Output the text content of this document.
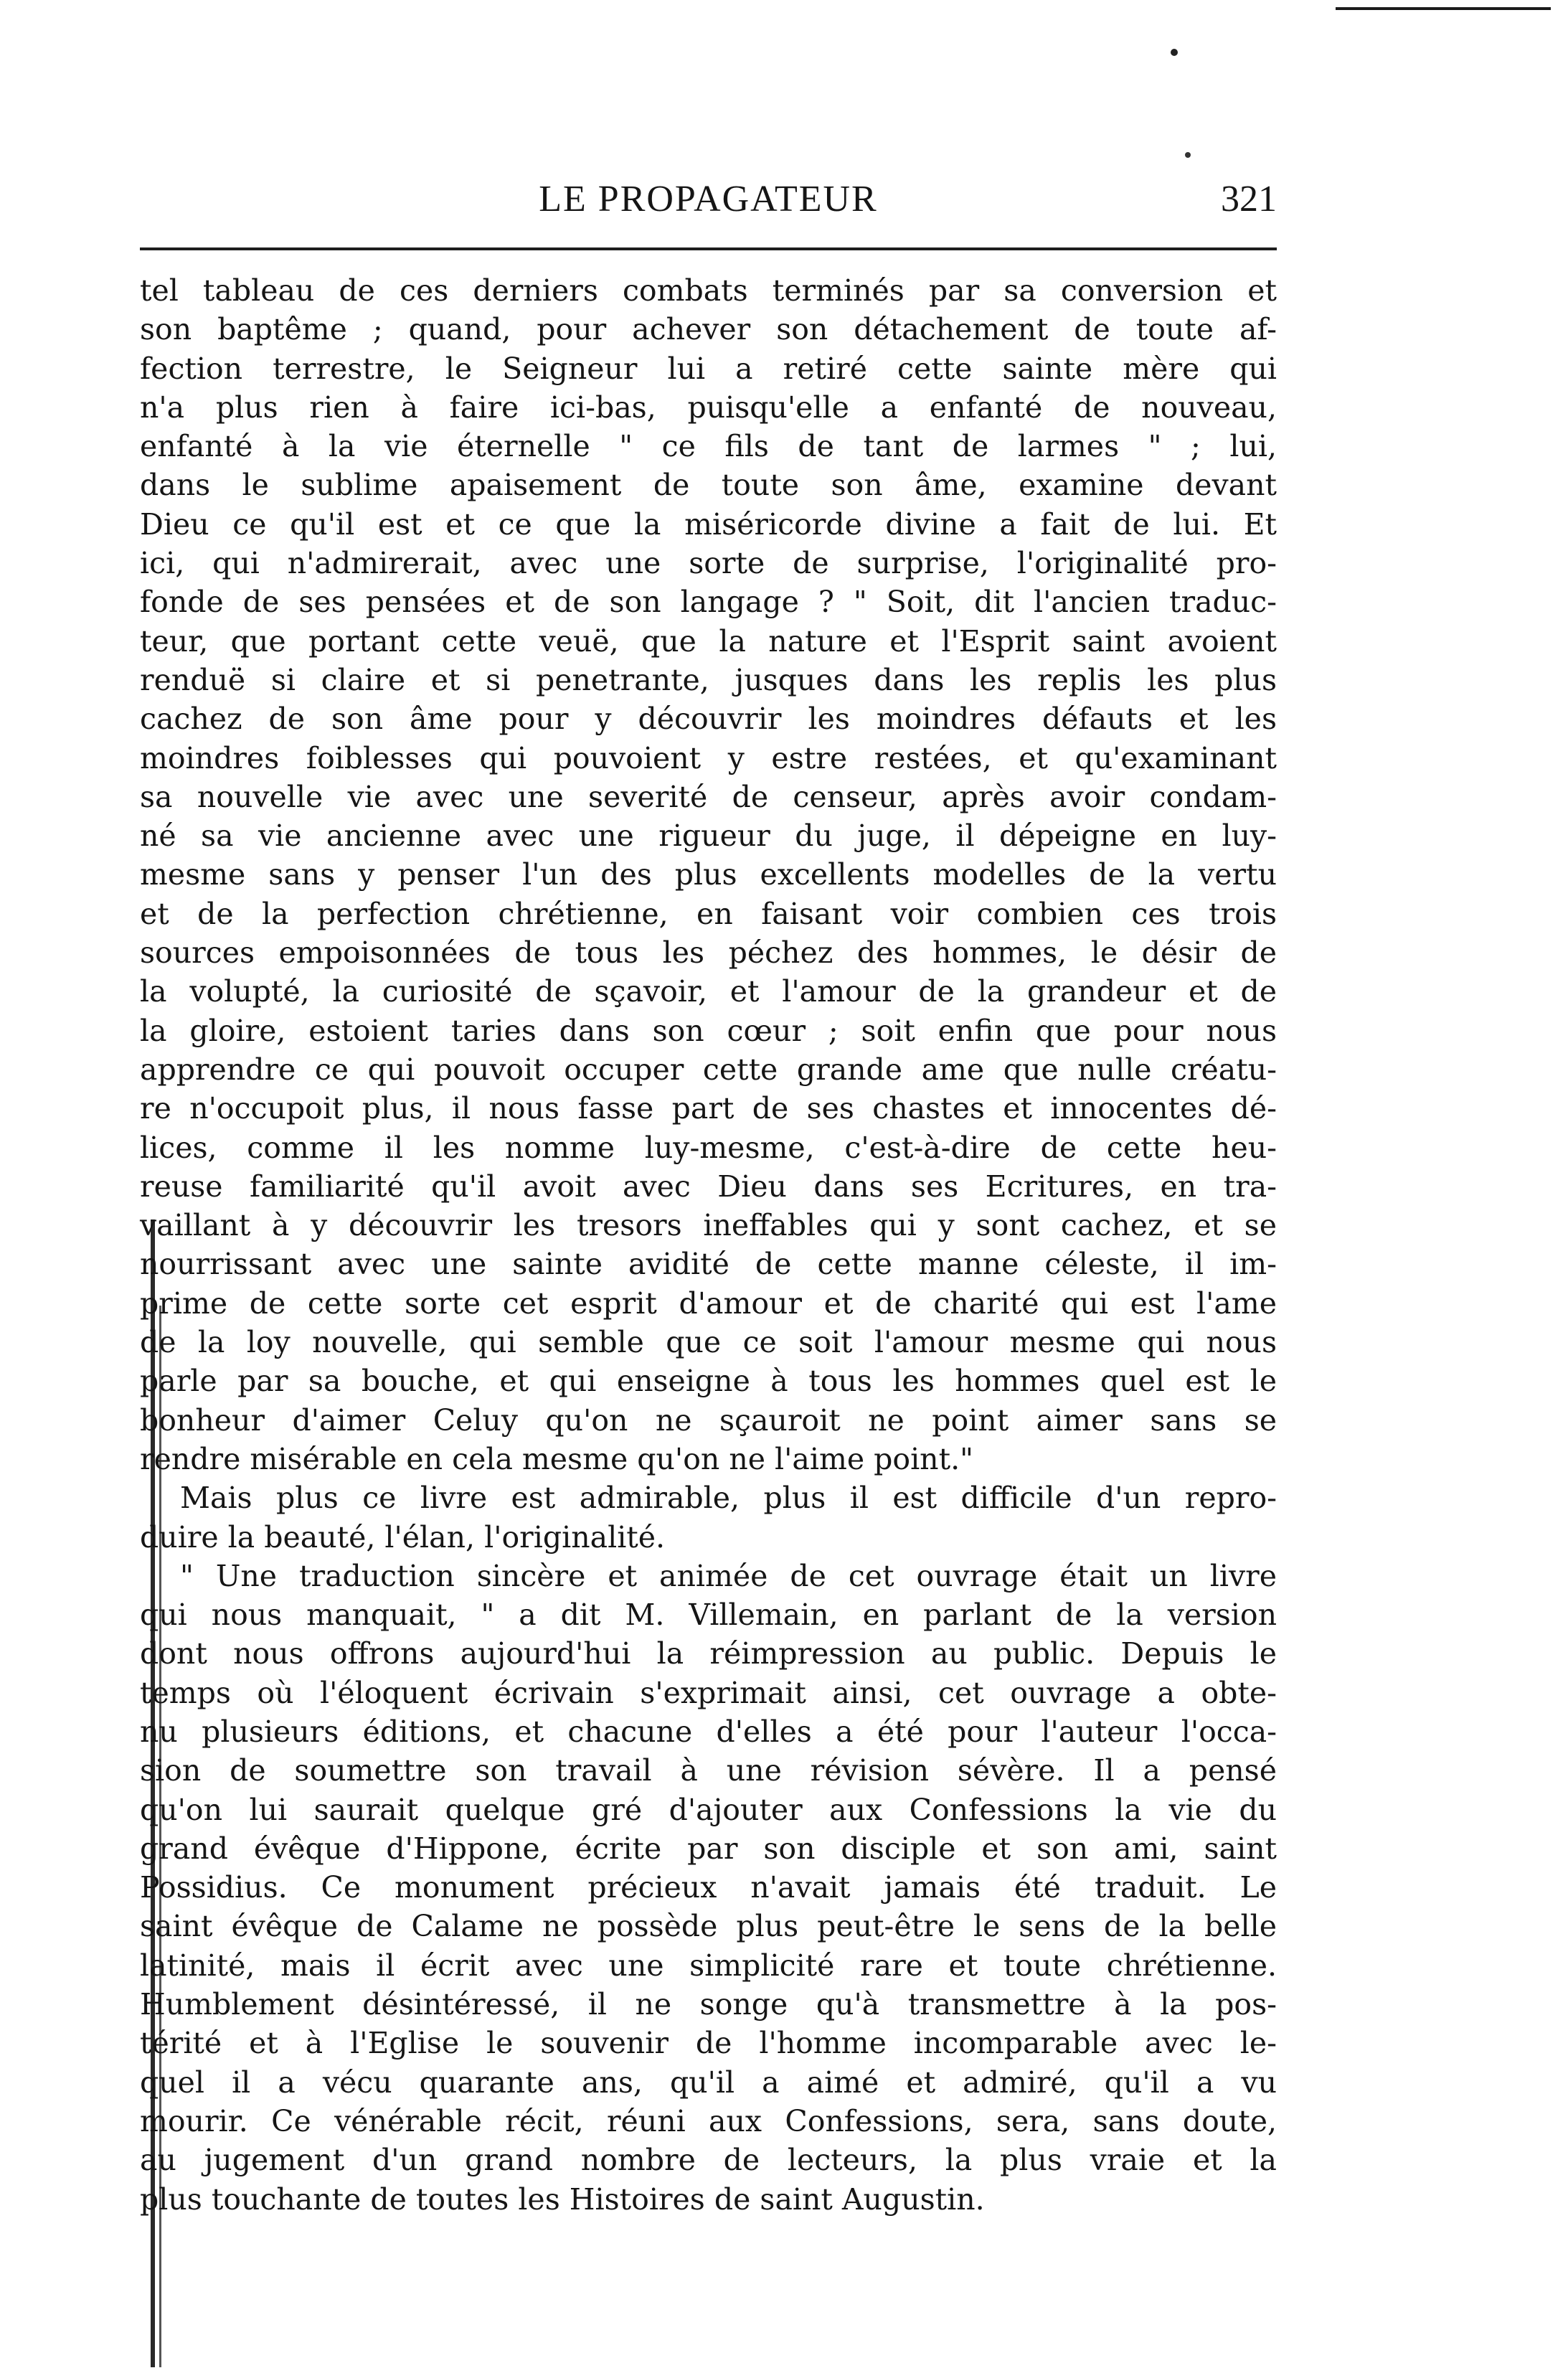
LE PROPAGATEUR	321
tel tableau de ces derniers combats terminés par sa conversion et
son baptême ; quand, pour achever son détachement de toute af-
fection terrestre, le Seigneur lui a retiré cette sainte mère qui
n'a plus rien à faire ici-bas, puisqu'elle a enfanté de nouveau,
enfanté à la vie éternelle " ce fils de tant de larmes " ; lui,
dans le sublime apaisement de toute son âme, examine devant
Dieu ce qu'il est et ce que la miséricorde divine a fait de lui. Et
ici, qui n'admirerait, avec une sorte de surprise, l'originalité pro-
fonde de ses pensées et de son langage ? " Soit, dit l'ancien traduc-
teur, que portant cette veuë, que la nature et l'Esprit saint avoient
renduë si claire et si penetrante, jusques dans les replis les plus
cachez de son âme pour y découvrir les moindres défauts et les
moindres foiblesses qui pouvoient y estre restées, et qu'examinant
sa nouvelle vie avec une severité de censeur, après avoir condam-
né sa vie ancienne avec une rigueur du juge, il dépeigne en luy-
mesme sans y penser l'un des plus excellents modelles de la vertu
et de la perfection chrétienne, en faisant voir combien ces trois
sources empoisonnées de tous les péchez des hommes, le désir de
la volupté, la curiosité de sçavoir, et l'amour de la grandeur et de
la gloire, estoient taries dans son cœur ; soit enfin que pour nous
apprendre ce qui pouvoit occuper cette grande ame que nulle créatu-
re n'occupoit plus, il nous fasse part de ses chastes et innocentes dé-
lices, comme il les nomme luy-mesme, c'est-à-dire de cette heu-
reuse familiarité qu'il avoit avec Dieu dans ses Ecritures, en tra-
vaillant à y découvrir les tresors ineffables qui y sont cachez, et se
nourrissant avec une sainte avidité de cette manne céleste, il im-
prime de cette sorte cet esprit d'amour et de charité qui est l'ame
de la loy nouvelle, qui semble que ce soit l'amour mesme qui nous
parle par sa bouche, et qui enseigne à tous les hommes quel est le
bonheur d'aimer Celuy qu'on ne sçauroit ne point aimer sans se
rendre misérable en cela mesme qu'on ne l'aime point."
Mais plus ce livre est admirable, plus il est difficile d'un repro-
duire la beauté, l'élan, l'originalité.
" Une traduction sincère et animée de cet ouvrage était un livre
qui nous manquait, " a dit M. Villemain, en parlant de la version
dont nous offrons aujourd'hui la réimpression au public. Depuis le
temps où l'éloquent écrivain s'exprimait ainsi, cet ouvrage a obte-
nu plusieurs éditions, et chacune d'elles a été pour l'auteur l'occa-
sion de soumettre son travail à une révision sévère. Il a pensé
qu'on lui saurait quelque gré d'ajouter aux Confessions la vie du
grand évêque d'Hippone, écrite par son disciple et son ami, saint
Possidius. Ce monument précieux n'avait jamais été traduit. Le
saint évêque de Calame ne possède plus peut-être le sens de la belle
latinité, mais il écrit avec une simplicité rare et toute chrétienne.
Humblement désintéressé, il ne songe qu'à transmettre à la pos-
térité et à l'Eglise le souvenir de l'homme incomparable avec le-
quel il a vécu quarante ans, qu'il a aimé et admiré, qu'il a vu
mourir. Ce vénérable récit, réuni aux Confessions, sera, sans doute,
au jugement d'un grand nombre de lecteurs, la plus vraie et la
plus touchante de toutes les Histoires de saint Augustin.
